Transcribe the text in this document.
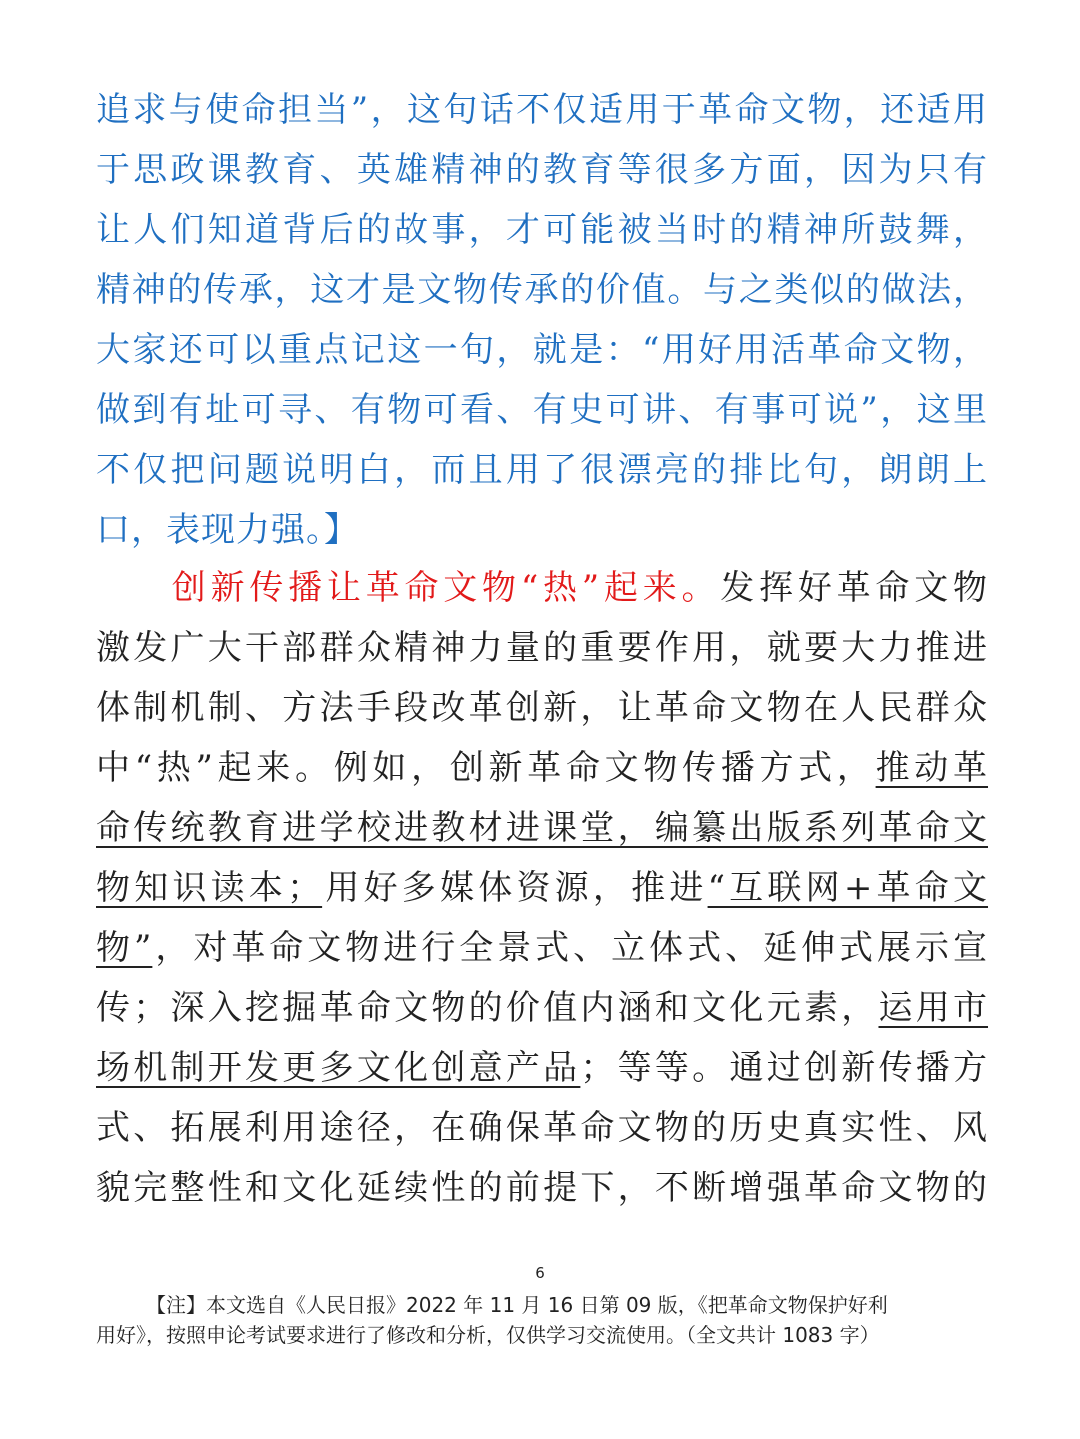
追求与使命担当”，这句话不仅适用于革命文物，还适用
于思政课教育、英雄精神的教育等很多方面，因为只有
让人们知道背后的故事，才可能被当时的精神所鼓舞，
精神的传承，这才是文物传承的价值。与之类似的做法，
大家还可以重点记这一句，就是：“用好用活革命文物，
做到有址可寻、有物可看、有史可讲、有事可说”，这里
不仅把问题说明白，而且用了很漂亮的排比句，朗朗上
口，表现力强。】
创新传播让革命文物“热”起来。发挥好革命文物
激发广大干部群众精神力量的重要作用，就要大力推进
体制机制、方法手段改革创新，让革命文物在人民群众
中“热”起来。例如，创新革命文物传播方式，推动革
命传统教育进学校进教材进课堂，编纂出版系列革命文
物知识读本；用好多媒体资源，推进“互联网+革命文
物”，对革命文物进行全景式、立体式、延伸式展示宣
传；深入挖掘革命文物的价值内涵和文化元素，运用市
场机制开发更多文化创意产品；等等。通过创新传播方
式、拓展利用途径，在确保革命文物的历史真实性、风
貌完整性和文化延续性的前提下，不断增强革命文物的
6
【注】本文选自《人民日报》2022 年 11 月 16 日第 09 版，《把革命文物保护好利
用好》，按照申论考试要求进行了修改和分析，仅供学习交流使用。（全文共计 1083 字）
